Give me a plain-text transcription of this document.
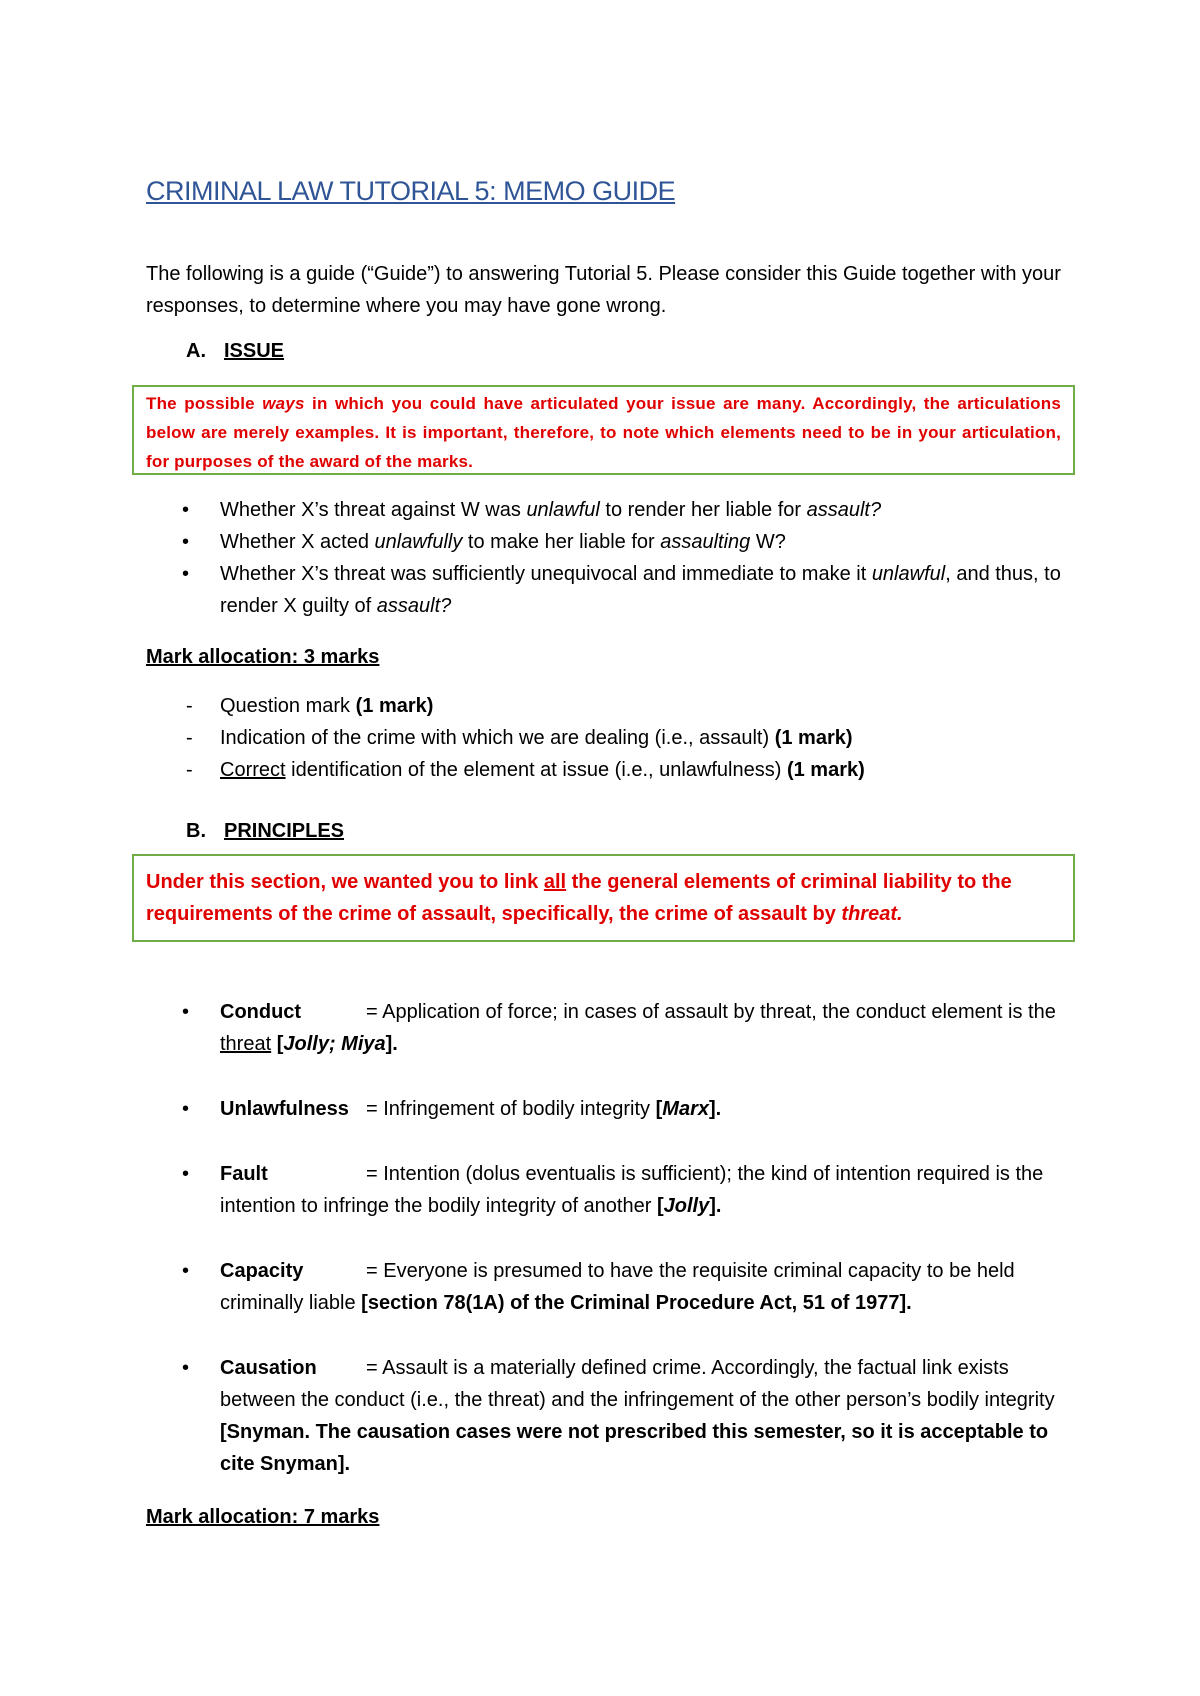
CRIMINAL LAW TUTORIAL 5: MEMO GUIDE
The following is a guide (“Guide”) to answering Tutorial 5. Please consider this Guide together with your responses, to determine where you may have gone wrong.
A. ISSUE
The possible ways in which you could have articulated your issue are many. Accordingly, the articulations below are merely examples. It is important, therefore, to note which elements need to be in your articulation, for purposes of the award of the marks.
• Whether X’s threat against W was unlawful to render her liable for assault?
• Whether X acted unlawfully to make her liable for assaulting W?
• Whether X’s threat was sufficiently unequivocal and immediate to make it unlawful, and thus, to render X guilty of assault?
Mark allocation: 3 marks
- Question mark (1 mark)
- Indication of the crime with which we are dealing (i.e., assault) (1 mark)
- Correct identification of the element at issue (i.e., unlawfulness) (1 mark)
B. PRINCIPLES
Under this section, we wanted you to link all the general elements of criminal liability to the requirements of the crime of assault, specifically, the crime of assault by threat.
• Conduct	= Application of force; in cases of assault by threat, the conduct element is the threat [Jolly; Miya].
• Unlawfulness = Infringement of bodily integrity [Marx].
• Fault	= Intention (dolus eventualis is sufficient); the kind of intention required is the intention to infringe the bodily integrity of another [Jolly].
• Capacity	= Everyone is presumed to have the requisite criminal capacity to be held criminally liable [section 78(1A) of the Criminal Procedure Act, 51 of 1977].
• Causation = Assault is a materially defined crime. Accordingly, the factual link exists between the conduct (i.e., the threat) and the infringement of the other person’s bodily integrity [Snyman. The causation cases were not prescribed this semester, so it is acceptable to cite Snyman].
Mark allocation: 7 marks
